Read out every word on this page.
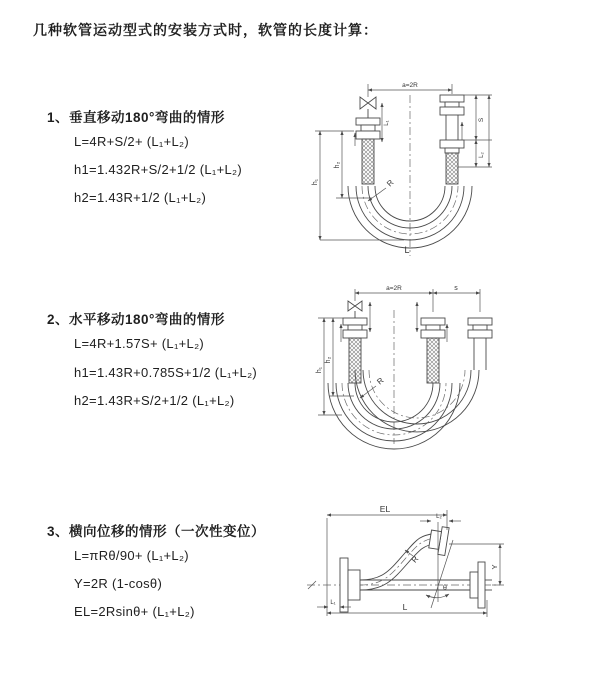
几种软管运动型式的安装方式时，软管的长度计算：
1、垂直移动180°弯曲的情形
L=4R+S/2+ (L₁+L₂)
h1=1.432R+S/2+1/2 (L₁+L₂)
h2=1.43R+1/2 (L₁+L₂)
2、水平移动180°弯曲的情形
L=4R+1.57S+ (L₁+L₂)
h1=1.43R+0.785S+1/2 (L₁+L₂)
h2=1.43R+S/2+1/2 (L₁+L₂)
3、横向位移的情形（一次性变位）
L=πRθ/90+ (L₁+L₂)
Y=2R (1-cosθ)
EL=2Rsinθ+ (L₁+L₂)
a=2R
h₁
h₂
L₁
S
L₂
R
L
a=2R	s
h₁
h₂
R
EL
L₂
Y
L
L₁
θ
R
